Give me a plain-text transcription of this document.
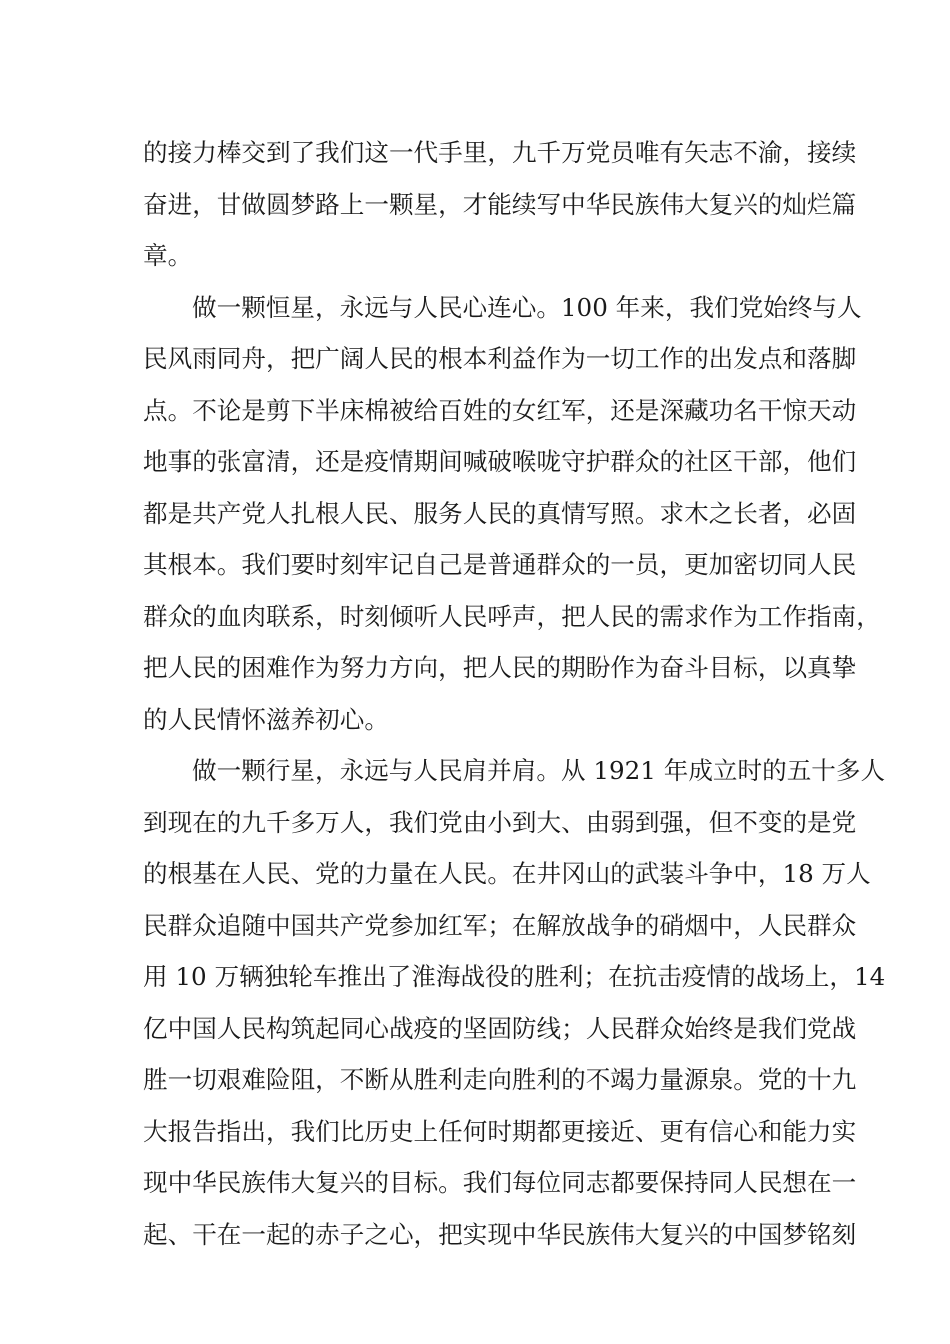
的接力棒交到了我们这一代手里，九千万党员唯有矢志不渝，接续
奋进，甘做圆梦路上一颗星，才能续写中华民族伟大复兴的灿烂篇
章。
做一颗恒星，永远与人民心连心。100 年来，我们党始终与人
民风雨同舟，把广阔人民的根本利益作为一切工作的出发点和落脚
点。不论是剪下半床棉被给百姓的女红军，还是深藏功名干惊天动
地事的张富清，还是疫情期间喊破喉咙守护群众的社区干部，他们
都是共产党人扎根人民、服务人民的真情写照。求木之长者，必固
其根本。我们要时刻牢记自己是普通群众的一员，更加密切同人民
群众的血肉联系，时刻倾听人民呼声，把人民的需求作为工作指南，
把人民的困难作为努力方向，把人民的期盼作为奋斗目标，以真挚
的人民情怀滋养初心。
做一颗行星，永远与人民肩并肩。从 1921 年成立时的五十多人
到现在的九千多万人，我们党由小到大、由弱到强，但不变的是党
的根基在人民、党的力量在人民。在井冈山的武装斗争中，18 万人
民群众追随中国共产党参加红军；在解放战争的硝烟中，人民群众
用 10 万辆独轮车推出了淮海战役的胜利；在抗击疫情的战场上，14
亿中国人民构筑起同心战疫的坚固防线；人民群众始终是我们党战
胜一切艰难险阻，不断从胜利走向胜利的不竭力量源泉。党的十九
大报告指出，我们比历史上任何时期都更接近、更有信心和能力实
现中华民族伟大复兴的目标。我们每位同志都要保持同人民想在一
起、干在一起的赤子之心，把实现中华民族伟大复兴的中国梦铭刻
